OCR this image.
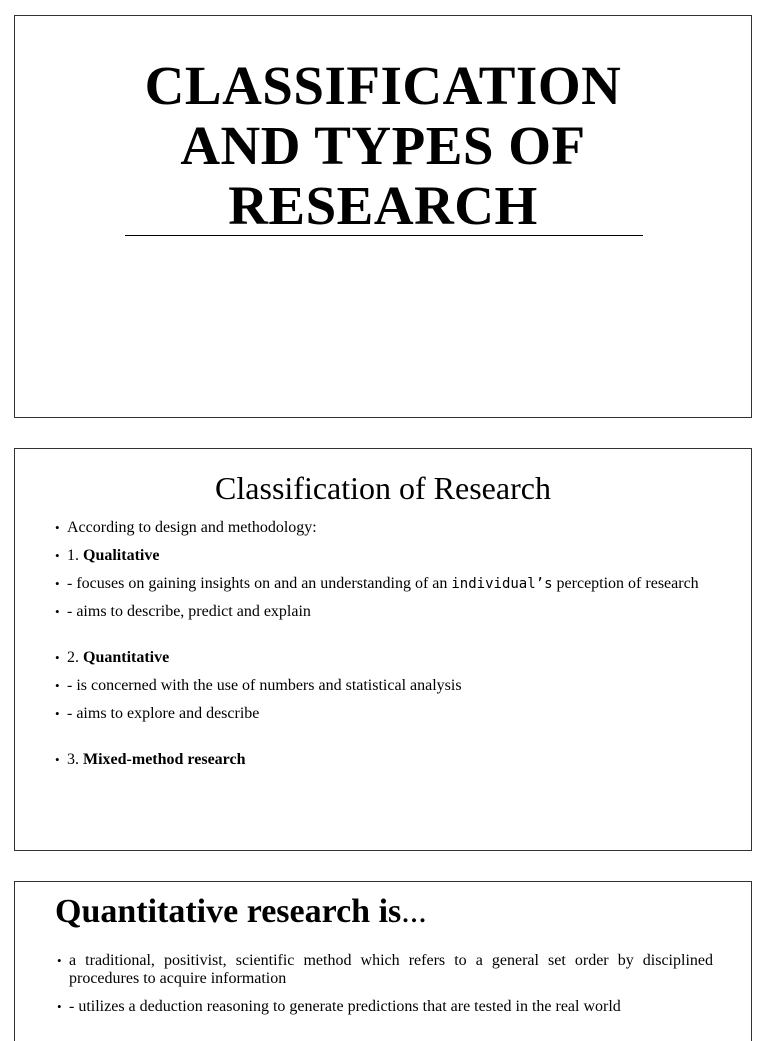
CLASSIFICATION
AND TYPES OF
RESEARCH
Classification of Research
• According to design and methodology:
• 1. Qualitative
• - focuses on gaining insights on and an understanding of an individual’s perception of research
• - aims to describe, predict and explain
• 2. Quantitative
• - is concerned with the use of numbers and statistical analysis
• - aims to explore and describe
• 3. Mixed-method research
Quantitative research is...
• a traditional, positivist, scientific method which refers to a general set order by disciplined procedures to acquire information
• - utilizes a deduction reasoning to generate predictions that are tested in the real world
